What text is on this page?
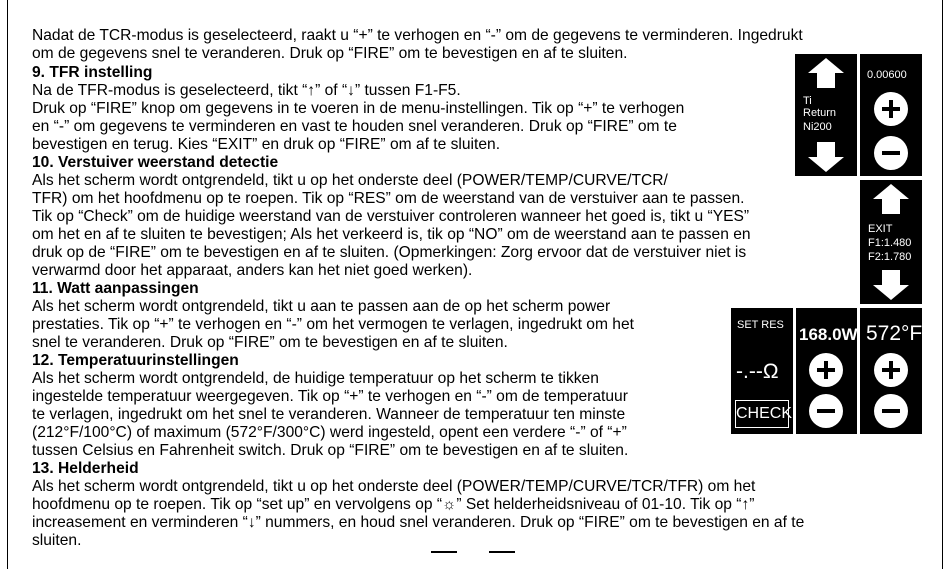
Nadat de TCR-modus is geselecteerd, raakt u “+” te verhogen en “-” om de gegevens te verminderen. Ingedrukt
om de gegevens snel te veranderen. Druk op “FIRE” om te bevestigen en af te sluiten.
9. TFR instelling
Na de TFR-modus is geselecteerd, tikt “↑” of “↓” tussen F1-F5.
Druk op “FIRE” knop om gegevens in te voeren in de menu-instellingen. Tik op “+” te verhogen
en “-” om gegevens te verminderen en vast te houden snel veranderen. Druk op “FIRE” om te
bevestigen en terug. Kies “EXIT” en druk op “FIRE” om af te sluiten.
10. Verstuiver weerstand detectie
Als het scherm wordt ontgrendeld, tikt u op het onderste deel (POWER/TEMP/CURVE/TCR/
TFR) om het hoofdmenu op te roepen. Tik op “RES” om de weerstand van de verstuiver aan te passen.
Tik op “Check” om de huidige weerstand van de verstuiver controleren wanneer het goed is, tikt u “YES”
om het en af te sluiten te bevestigen; Als het verkeerd is, tik op “NO” om de weerstand aan te passen en
druk op de “FIRE” om te bevestigen en af te sluiten. (Opmerkingen: Zorg ervoor dat de verstuiver niet is
verwarmd door het apparaat, anders kan het niet goed werken).
11. Watt aanpassingen
Als het scherm wordt ontgrendeld, tikt u aan te passen aan de op het scherm power
prestaties. Tik op “+” te verhogen en “-” om het vermogen te verlagen, ingedrukt om het
snel te veranderen. Druk op “FIRE” om te bevestigen en af te sluiten.
12. Temperatuurinstellingen
Als het scherm wordt ontgrendeld, de huidige temperatuur op het scherm te tikken
ingestelde temperatuur weergegeven. Tik op “+” te verhogen en “-” om de temperatuur
te verlagen, ingedrukt om het snel te veranderen. Wanneer de temperatuur ten minste
(212°F/100°C) of maximum (572°F/300°C) werd ingesteld, opent een verdere “-” of “+”
tussen Celsius en Fahrenheit switch. Druk op “FIRE” om te bevestigen en af te sluiten.
13. Helderheid
Als het scherm wordt ontgrendeld, tikt u op het onderste deel (POWER/TEMP/CURVE/TCR/TFR) om het
hoofdmenu op te roepen. Tik op “set up” en vervolgens op “☼” Set helderheidsniveau of 01-10. Tik op “↑”
increasement en verminderen “↓” nummers, en houd snel veranderen. Druk op “FIRE” om te bevestigen en af te
sluiten.
Ti
Return
Ni200
0.00600
EXIT
F1:1.480
F2:1.780
SET RES
-.--Ω
CHECK
168.0W 572°F
